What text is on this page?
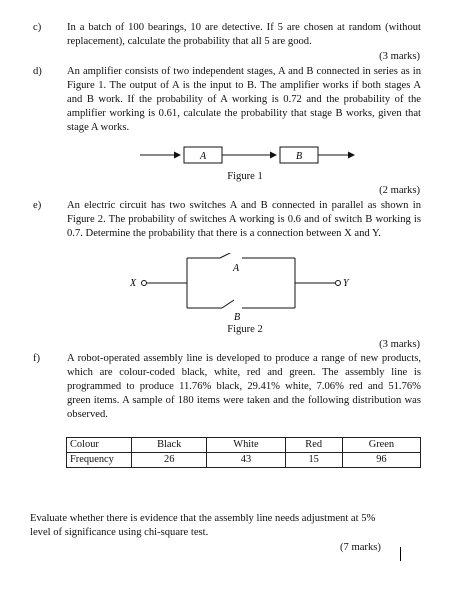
c) In a batch of 100 bearings, 10 are detective. If 5 are chosen at random (without replacement), calculate the probability that all 5 are good.
(3 marks)
d) An amplifier consists of two independent stages, A and B connected in series as in Figure 1. The output of A is the input to B. The amplifier works if both stages A and B work. If the probability of A working is 0.72 and the probability of the amplifier working is 0.61, calculate the probability that stage B works, given that stage A works.
A	B
Figure 1
(2 marks)
e) An electric circuit has two switches A and B connected in parallel as shown in Figure 2. The probability of switches A working is 0.6 and of switch B working is 0.7. Determine the probability that there is a connection between X and Y.
X
A
B
Y
Figure 2
(3 marks)
f)	A robot-operated assembly line is developed to produce a range of new products, which are colour-coded black, white, red and green. The assembly line is programmed to produce 11.76% black, 29.41% white, 7.06% red and 51.76% green items. A sample of 180 items were taken and the following distribution was observed.
Colour	Black	White	Red	Green
Frequency	26	43	15	96
Evaluate whether there is evidence that the assembly line needs adjustment at 5% level of significance using chi-square test.
(7 marks)
